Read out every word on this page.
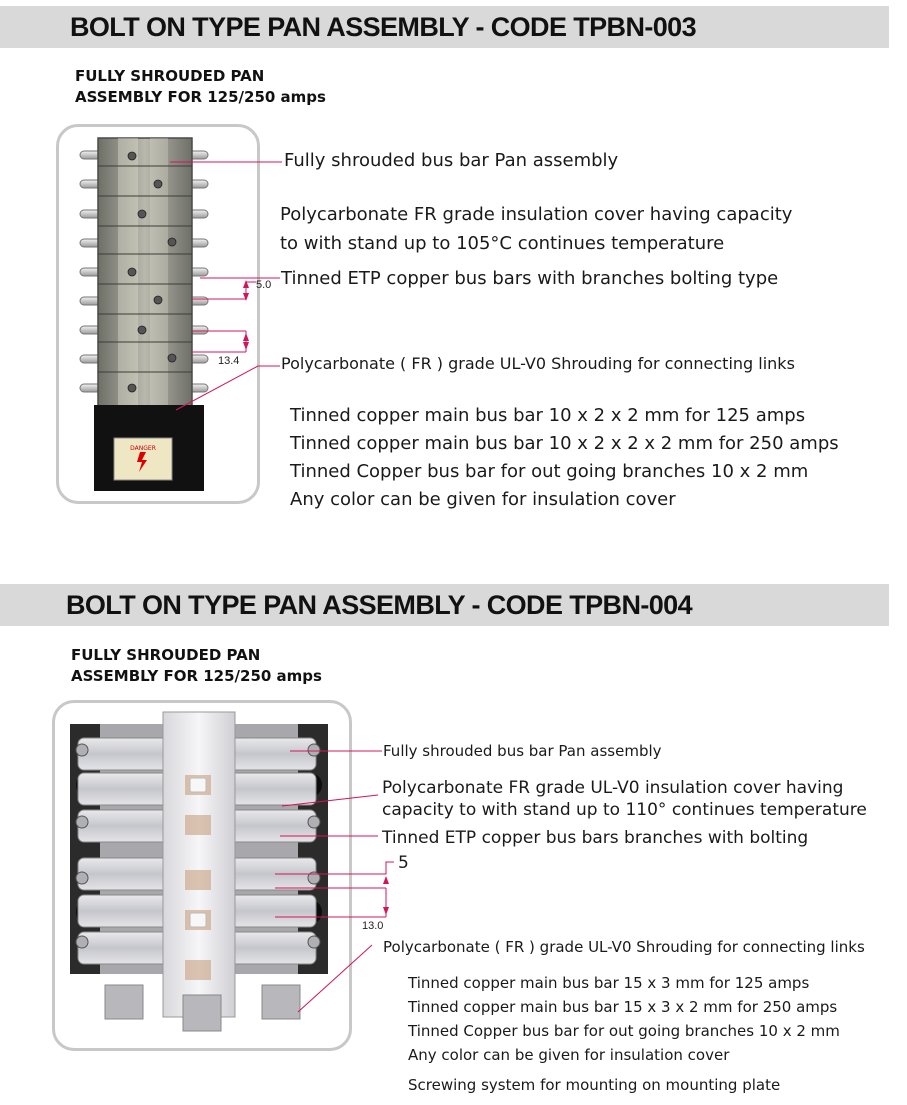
BOLT ON TYPE PAN ASSEMBLY - CODE TPBN-003
FULLY SHROUDED PAN
ASSEMBLY FOR 125/250 amps
DANGER
5.0
13.4
Fully shrouded bus bar Pan assembly
Polycarbonate FR grade insulation cover having capacity
to with stand up to 105°C continues temperature
Tinned ETP copper bus bars with branches bolting type
Polycarbonate ( FR ) grade UL-V0 Shrouding for connecting links
Tinned copper main bus bar 10 x 2 x 2 mm for 125 amps
Tinned copper main bus bar 10 x 2 x 2 x 2 mm for 250 amps
Tinned Copper bus bar for out going branches 10 x 2 mm
Any color can be given for insulation cover
BOLT ON TYPE PAN ASSEMBLY - CODE TPBN-004
FULLY SHROUDED PAN
ASSEMBLY FOR 125/250 amps
5
13.0
Fully shrouded bus bar Pan assembly
Polycarbonate FR grade UL-V0 insulation cover having
capacity to with stand up to 110° continues temperature
Tinned ETP copper bus bars branches with bolting
Polycarbonate ( FR ) grade UL-V0 Shrouding for connecting links
Tinned copper main bus bar 15 x 3 mm for 125 amps
Tinned copper main bus bar 15 x 3 x 2 mm for 250 amps
Tinned Copper bus bar for out going branches 10 x 2 mm
Any color can be given for insulation cover
Screwing system for mounting on mounting plate
